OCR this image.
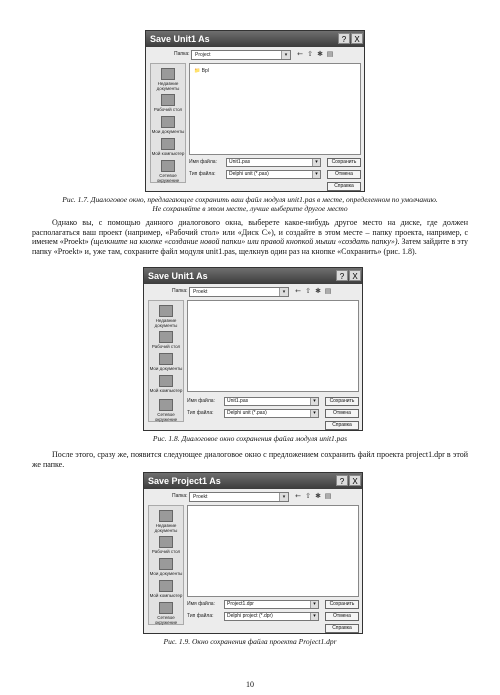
Save Unit1 As	?	X
Папка:	Project	▾	← ⇧ ✱ ▤
Недавние документы
Рабочий стол
Мои документы
Мой компьютер
Сетевое окружение
📁 Bpl
Имя файла:	Unit1.pas	▾
Тип файла:	Delphi unit (*.pas)	▾
Сохранить
Отмена
Справка
Рис. 1.7. Диалоговое окно, предлагающее сохранить ваш файл модуля unit1.pas в месте, определенном по умолчанию.
Не сохраняйте в этом месте, лучше выберите другое место
Однако вы, с помощью данного диалогового окна, выберете какое-нибудь другое место на диске, где должен располагаться ваш проект (например, «Рабочий стол» или «Диск С»), и создайте в этом месте – папку проекта, например, с именем «Proekt» (щелкните на кнопке «создание новой папки» или правой кнопкой мыши «создать папку»). Затем зайдите в эту папку «Proekt» и, уже там, сохраните файл модуля unit1.pas, щелкнув один раз на кнопке «Сохранить» (рис. 1.8).
Save Unit1 As	?	X
Папка:	Proekt	▾	← ⇧ ✱ ▤
Недавние документы
Рабочий стол
Мои документы
Мой компьютер
Сетевое окружение
Имя файла:	Unit1.pas	▾
Тип файла:	Delphi unit (*.pas)	▾
Сохранить
Отмена
Справка
Рис. 1.8. Диалоговое окно сохранения файла модуля unit1.pas
После этого, сразу же, появится следующее диалоговое окно с предложением сохранить файл проекта project1.dpr в этой же папке.
Save Project1 As	?	X
Папка:	Proekt	▾	← ⇧ ✱ ▤
Недавние документы
Рабочий стол
Мои документы
Мой компьютер
Сетевое окружение
Имя файла:	Project1.dpr	▾
Тип файла:	Delphi project (*.dpr)	▾
Сохранить
Отмена
Справка
Рис. 1.9. Окно сохранения файла проекта Project1.dpr
10
